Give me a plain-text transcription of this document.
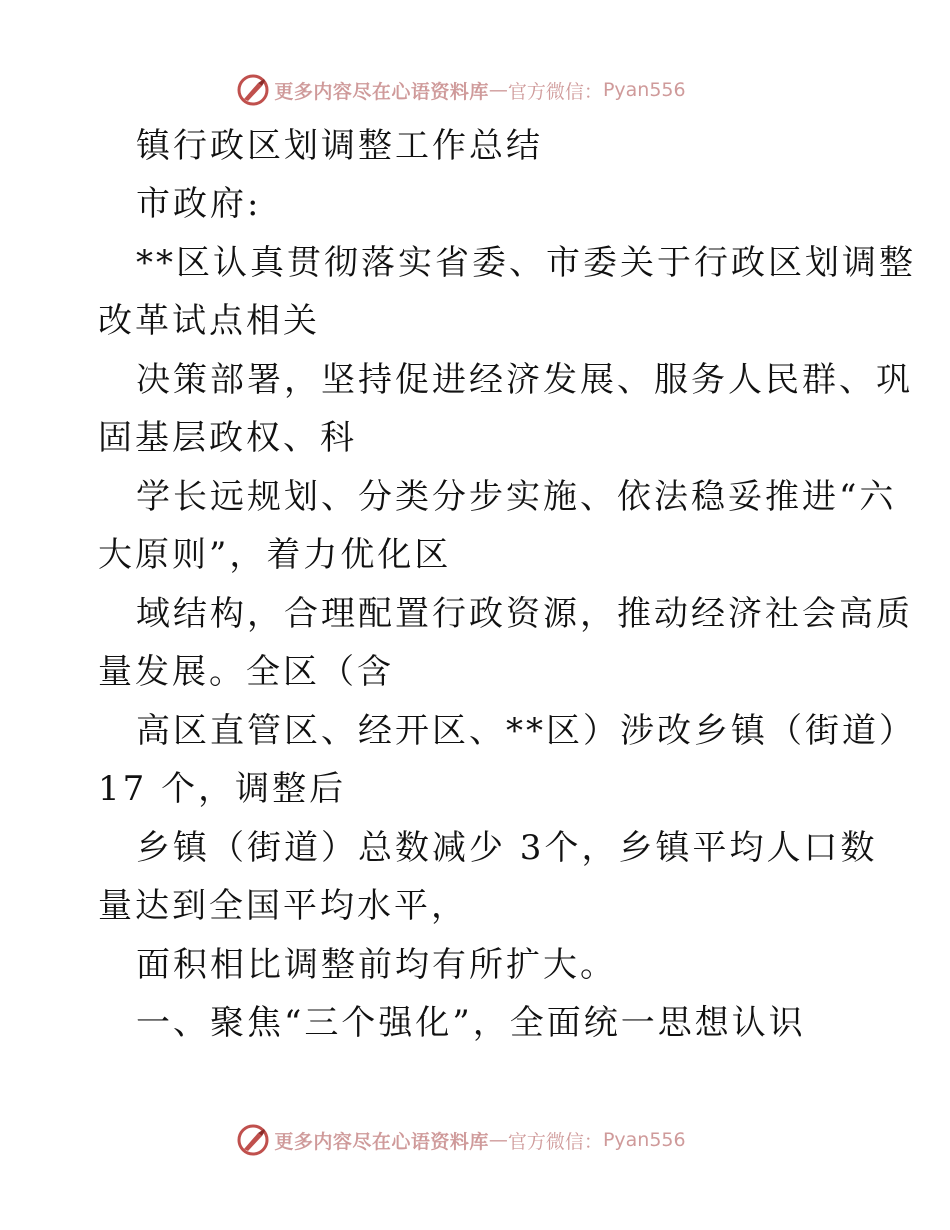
更多内容尽在心语资料库 — 官方微信： Pyan556
镇行政区划调整工作总结
市政府:
**区认真贯彻落实省委、市委关于行政区划调整
改革试点相关
决策部署，坚持促进经济发展、服务人民群、巩
固基层政权、科
学长远规划、分类分步实施、依法稳妥推进“六
大原则”，着力优化区
域结构，合理配置行政资源，推动经济社会高质
量发展。全区（含
高区直管区、经开区、**区）涉改乡镇（街道）
17 个，调整后
乡镇（街道）总数减少 3个，乡镇平均人口数
量达到全国平均水平，
面积相比调整前均有所扩大。
一、聚焦“三个强化”，全面统一思想认识
更多内容尽在心语资料库 — 官方微信： Pyan556
